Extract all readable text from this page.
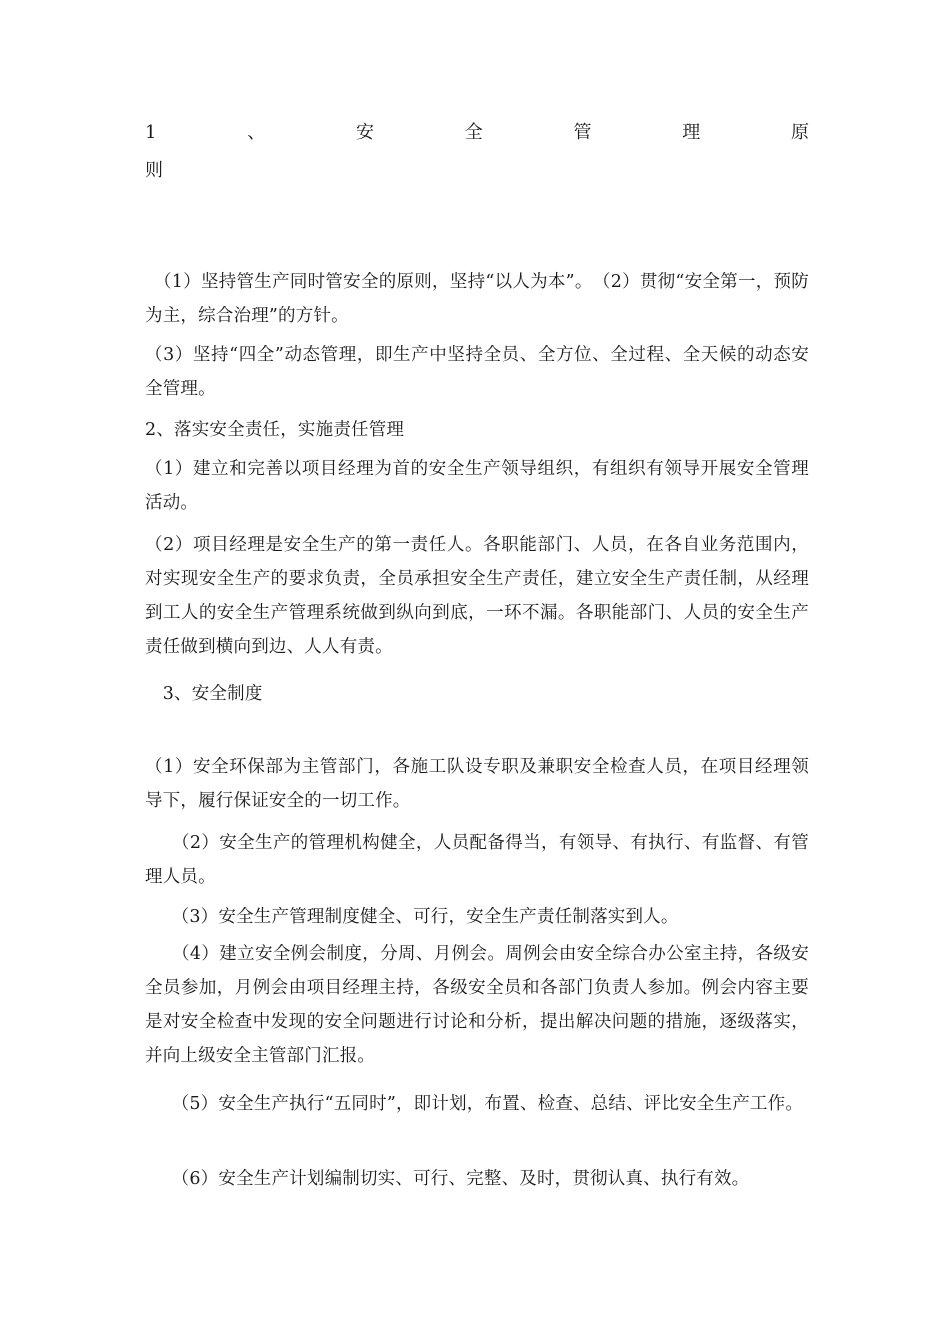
1	、	安	全	管	理	原
则

　（1）坚持管生产同时管安全的原则，坚持“以人为本”。　（2）贯彻“安全第一，预防为主，综合治理”的方针。

（3）坚持“四全”动态管理，即生产中坚持全员、全方位、全过程、全天候的动态安全管理。

2、落实安全责任，实施责任管理

（1）建立和完善以项目经理为首的安全生产领导组织，有组织有领导开展安全管理活动。

（2）项目经理是安全生产的第一责任人。各职能部门、人员，在各自业务范围内，对实现安全生产的要求负责，全员承担安全生产责任，建立安全生产责任制，从经理到工人的安全生产管理系统做到纵向到底，一环不漏。各职能部门、人员的安全生产责任做到横向到边、人人有责。

　3、安全制度

（1）安全环保部为主管部门，各施工队设专职及兼职安全检查人员，在项目经理领导下，履行保证安全的一切工作。

　　（2）安全生产的管理机构健全，人员配备得当，有领导、有执行、有监督、有管理人员。

　　（3）安全生产管理制度健全、可行，安全生产责任制落实到人。

　　（4）建立安全例会制度，分周、月例会。周例会由安全综合办公室主持，各级安全员参加，月例会由项目经理主持，各级安全员和各部门负责人参加。例会内容主要是对安全检查中发现的安全问题进行讨论和分析，提出解决问题的措施，逐级落实，并向上级安全主管部门汇报。

　　（5）安全生产执行“五同时”，即计划，布置、检查、总结、评比安全生产工作。

　　（6）安全生产计划编制切实、可行、完整、及时，贯彻认真、执行有效。
